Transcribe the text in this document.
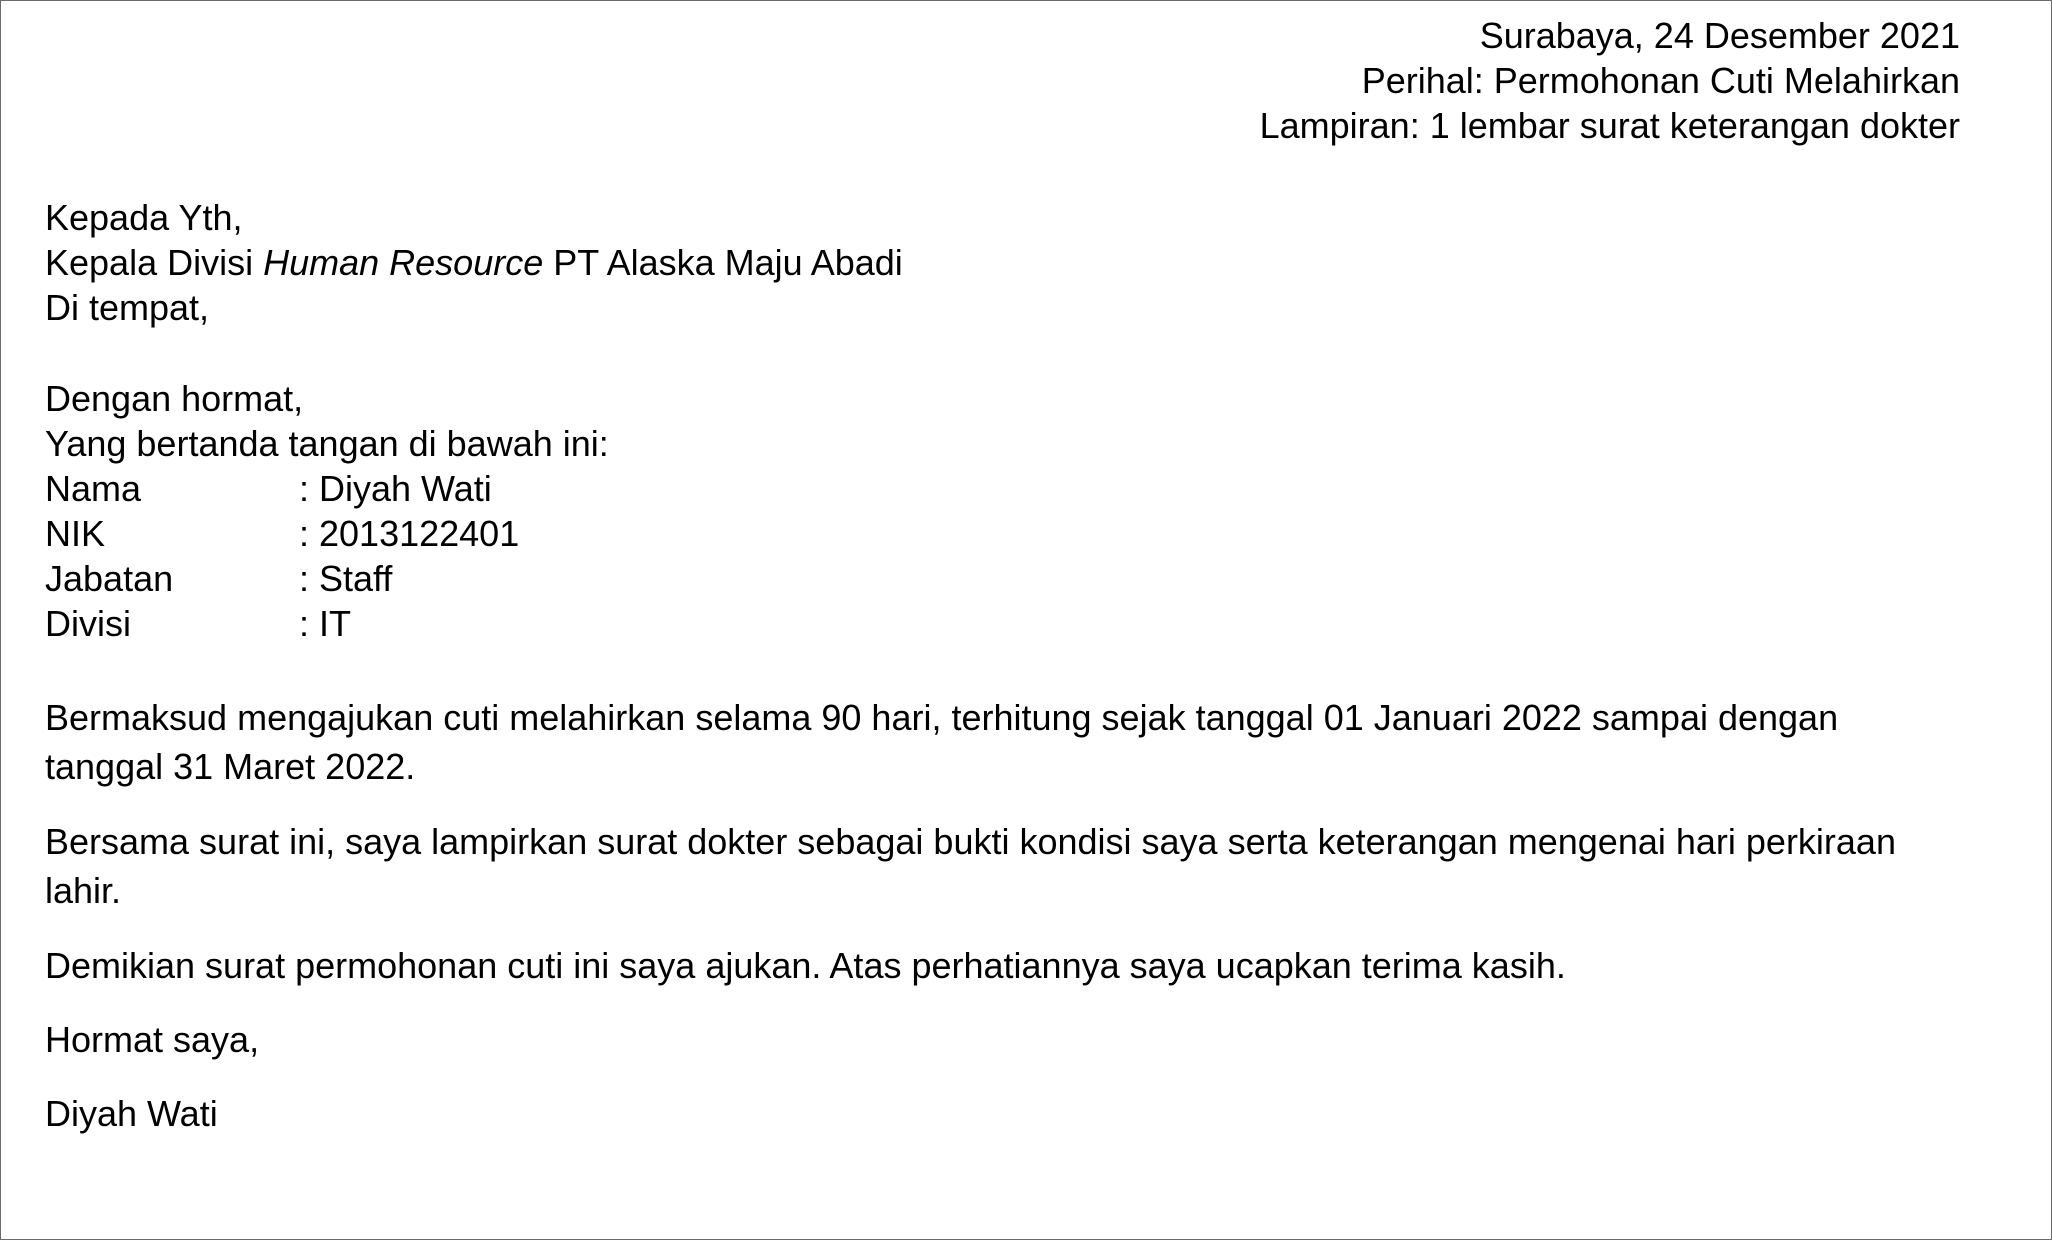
Surabaya, 24 Desember 2021
Perihal: Permohonan Cuti Melahirkan
Lampiran: 1 lembar surat keterangan dokter
Kepada Yth,
Kepala Divisi Human Resource PT Alaska Maju Abadi
Di tempat,
Dengan hormat,
Yang bertanda tangan di bawah ini:
Nama	: Diyah Wati
NIK	: 2013122401
Jabatan	: Staff
Divisi	: IT
Bermaksud mengajukan cuti melahirkan selama 90 hari, terhitung sejak tanggal 01 Januari 2022 sampai dengan tanggal 31 Maret 2022.
Bersama surat ini, saya lampirkan surat dokter sebagai bukti kondisi saya serta keterangan mengenai hari perkiraan lahir.
Demikian surat permohonan cuti ini saya ajukan. Atas perhatiannya saya ucapkan terima kasih.
Hormat saya,
Diyah Wati
